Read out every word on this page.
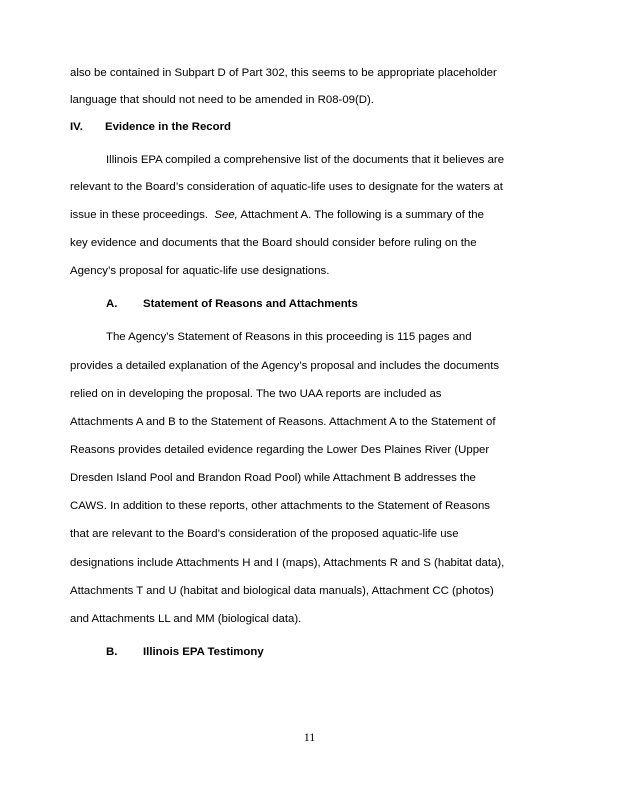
also be contained in Subpart D of Part 302, this seems to be appropriate placeholder
language that should not need to be amended in R08-09(D).
IV. Evidence in the Record
Illinois EPA compiled a comprehensive list of the documents that it believes are
relevant to the Board’s consideration of aquatic-life uses to designate for the waters at
issue in these proceedings. See, Attachment A. The following is a summary of the
key evidence and documents that the Board should consider before ruling on the
Agency’s proposal for aquatic-life use designations.
A. Statement of Reasons and Attachments
The Agency’s Statement of Reasons in this proceeding is 115 pages and
provides a detailed explanation of the Agency’s proposal and includes the documents
relied on in developing the proposal. The two UAA reports are included as
Attachments A and B to the Statement of Reasons. Attachment A to the Statement of
Reasons provides detailed evidence regarding the Lower Des Plaines River (Upper
Dresden Island Pool and Brandon Road Pool) while Attachment B addresses the
CAWS. In addition to these reports, other attachments to the Statement of Reasons
that are relevant to the Board’s consideration of the proposed aquatic-life use
designations include Attachments H and I (maps), Attachments R and S (habitat data),
Attachments T and U (habitat and biological data manuals), Attachment CC (photos)
and Attachments LL and MM (biological data).
B. Illinois EPA Testimony
11
